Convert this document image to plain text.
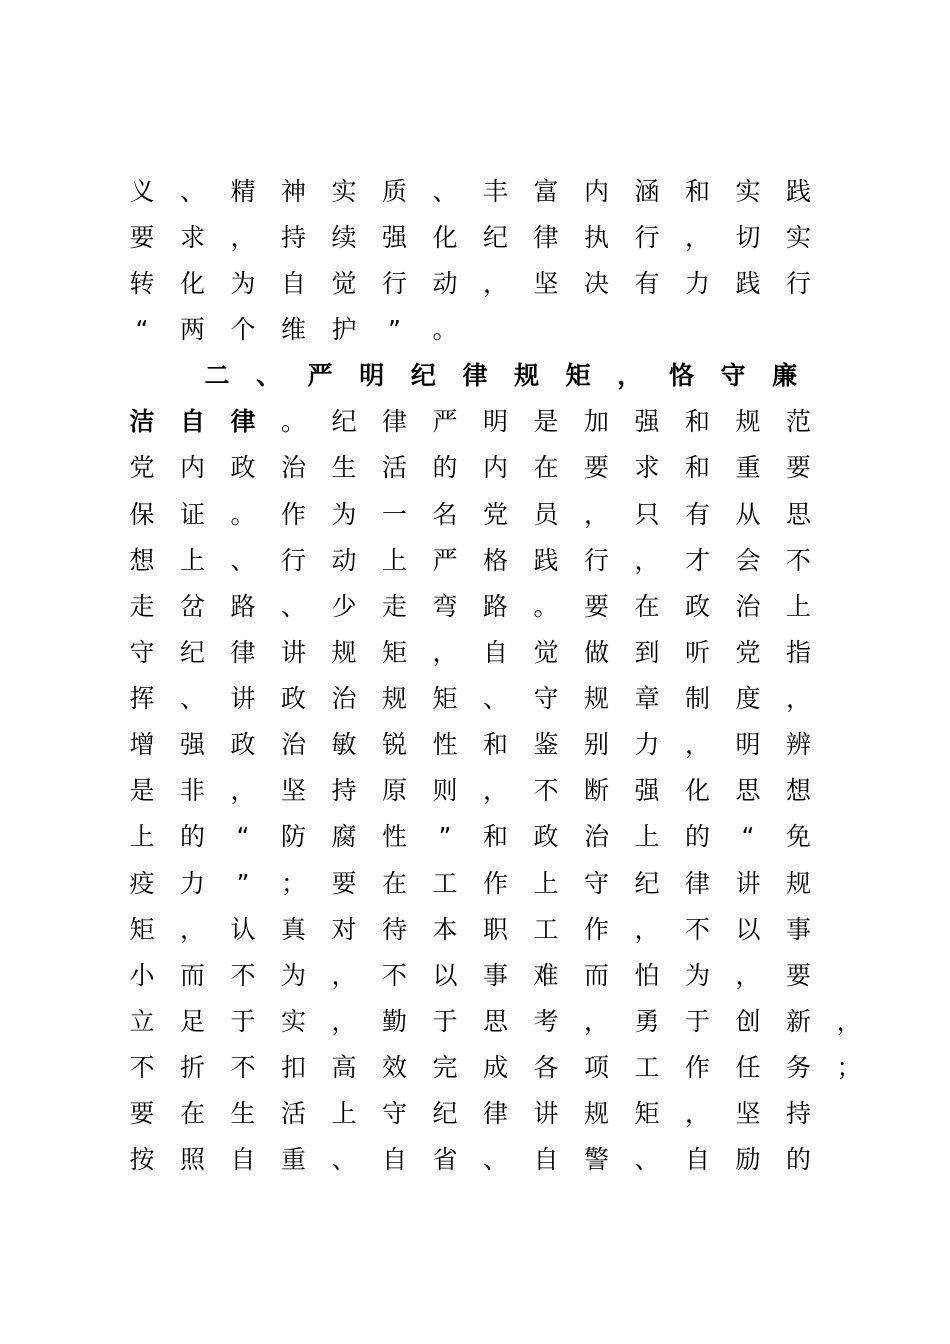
义 、 精 神 实 质 、 丰 富 内 涵 和 实 践
要 求 ， 持 续 强 化 纪 律 执 行 ， 切 实
转 化 为 自 觉 行 动 ， 坚 决 有 力 践 行
“	两 个 维 护	”	。
二 、 严 明 纪 律 规 矩 ， 恪 守 廉
洁 自 律 。 纪 律 严 明 是 加 强 和 规 范
党 内 政 治 生 活 的 内 在 要 求 和 重 要
保 证 。 作 为 一 名 党 员 ， 只 有 从 思
想 上 、 行 动 上 严 格 践 行 ， 才 会 不
走 岔 路 、 少 走 弯 路 。 要 在 政 治 上
守 纪 律 讲 规 矩 ， 自 觉 做 到 听 党 指
挥 、 讲 政 治 规 矩 、 守 规 章 制 度 ，
增 强 政 治 敏 锐 性 和 鉴 别 力 ， 明 辨
是 非 ， 坚 持 原 则 ， 不 断 强 化 思 想
上 的	“	防 腐 性	”	和 政 治 上 的	“	免
疫 力	”	； 要 在 工 作 上 守 纪 律 讲 规
矩 ， 认 真 对 待 本 职 工 作 ， 不 以 事
小 而 不 为 ， 不 以 事 难 而 怕 为 ， 要
立 足 于 实 ， 勤 于 思 考 ， 勇 于 创 新 ，
不 折 不 扣 高 效 完 成 各 项 工 作 任 务 ；
要 在 生 活 上 守 纪 律 讲 规 矩 ， 坚 持
按 照 自 重 、 自 省 、 自 警 、 自 励 的
